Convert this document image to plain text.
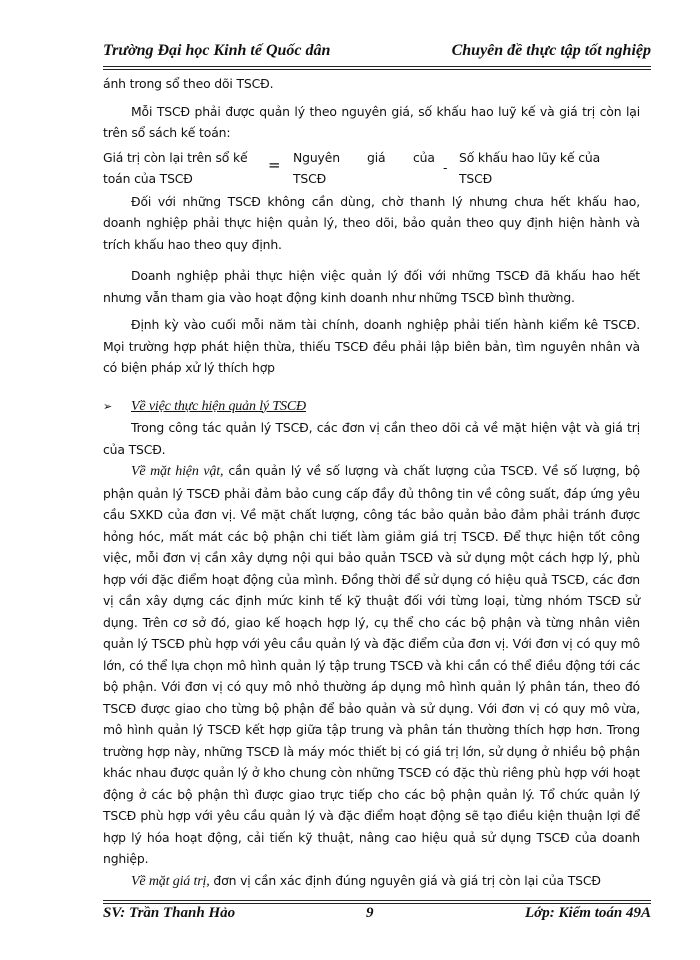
Trường Đại học Kinh tế Quốc dân	Chuyên đề thực tập tốt nghiệp

ánh trong sổ theo dõi TSCĐ.

Mỗi TSCĐ phải được quản lý theo nguyên giá, số khấu hao luỹ kế và giá trị còn lại trên sổ sách kế toán:

Giá trị còn lại trên sổ kế
toán của TSCĐ
= Nguyên giá của
TSCĐ
-
Số khấu hao lũy kế của
TSCĐ

Đối với những TSCĐ không cần dùng, chờ thanh lý nhưng chưa hết khấu hao, doanh nghiệp phải thực hiện quản lý, theo dõi, bảo quản theo quy định hiện hành và trích khấu hao theo quy định.

Doanh nghiệp phải thực hiện việc quản lý đối với những TSCĐ đã khấu hao hết nhưng vẫn tham gia vào hoạt động kinh doanh như những TSCĐ bình thường.

Định kỳ vào cuối mỗi năm tài chính, doanh nghiệp phải tiến hành kiểm kê TSCĐ. Mọi trường hợp phát hiện thừa, thiếu TSCĐ đều phải lập biên bản, tìm nguyên nhân và có biện pháp xử lý thích hợp

➢ Về việc thực hiện quản lý TSCĐ

Trong công tác quản lý TSCĐ, các đơn vị cần theo dõi cả về mặt hiện vật và giá trị của TSCĐ.

Về mặt hiện vật, cần quản lý về số lượng và chất lượng của TSCĐ. Về số lượng, bộ phận quản lý TSCĐ phải đảm bảo cung cấp đầy đủ thông tin về công suất, đáp ứng yêu cầu SXKD của đơn vị. Về mặt chất lượng, công tác bảo quản bảo đảm phải tránh được hỏng hóc, mất mát các bộ phận chi tiết làm giảm giá trị TSCĐ. Để thực hiện tốt công việc, mỗi đơn vị cần xây dựng nội qui bảo quản TSCĐ và sử dụng một cách hợp lý, phù hợp với đặc điểm hoạt động của mình. Đồng thời để sử dụng có hiệu quả TSCĐ, các đơn vị cần xây dựng các định mức kinh tế kỹ thuật đối với từng loại, từng nhóm TSCĐ sử dụng. Trên cơ sở đó, giao kế hoạch hợp lý, cụ thể cho các bộ phận và từng nhân viên quản lý TSCĐ phù hợp với yêu cầu quản lý và đặc điểm của đơn vị. Với đơn vị có quy mô lớn, có thể lựa chọn mô hình quản lý tập trung TSCĐ và khi cần có thể điều động tới các bộ phận. Với đơn vị có quy mô nhỏ thường áp dụng mô hình quản lý phân tán, theo đó TSCĐ được giao cho từng bộ phận để bảo quản và sử dụng. Với đơn vị có quy mô vừa, mô hình quản lý TSCĐ kết hợp giữa tập trung và phân tán thường thích hợp hơn. Trong trường hợp này, những TSCĐ là máy móc thiết bị có giá trị lớn, sử dụng ở nhiều bộ phận khác nhau được quản lý ở kho chung còn những TSCĐ có đặc thù riêng phù hợp với hoạt động ở các bộ phận thì được giao trực tiếp cho các bộ phận quản lý. Tổ chức quản lý TSCĐ phù hợp với yêu cầu quản lý và đặc điểm hoạt động sẽ tạo điều kiện thuận lợi để hợp lý hóa hoạt động, cải tiến kỹ thuật, nâng cao hiệu quả sử dụng TSCĐ của doanh nghiệp.

Về mặt giá trị, đơn vị cần xác định đúng nguyên giá và giá trị còn lại của TSCĐ

SV: Trần Thanh Hảo	9	Lớp: Kiểm toán 49A
